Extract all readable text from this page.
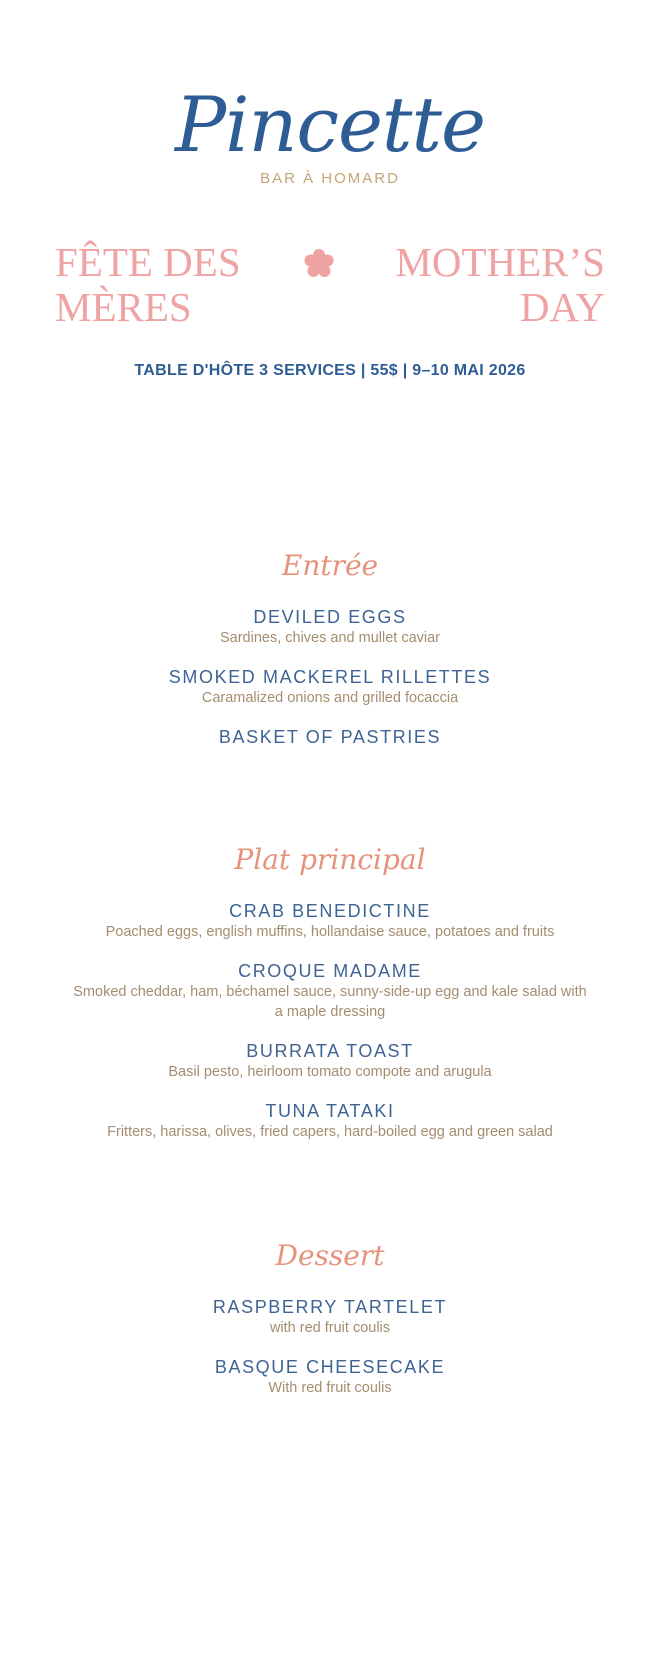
Pincette
BAR À HOMARD
FÊTE DES
MÈRES
MOTHER’S
DAY
TABLE D'HÔTE 3 SERVICES | 55$ | 9–10 MAI 2026
Entrée
DEVILED EGGS
Sardines, chives and mullet caviar
SMOKED MACKEREL RILLETTES
Caramalized onions and grilled focaccia
BASKET OF PASTRIES
Plat principal
CRAB BENEDICTINE
Poached eggs, english muffins, hollandaise sauce, potatoes and fruits
CROQUE MADAME
Smoked cheddar, ham, béchamel sauce, sunny-side-up egg and kale salad with a maple dressing
BURRATA TOAST
Basil pesto, heirloom tomato compote and arugula
TUNA TATAKI
Fritters, harissa, olives, fried capers, hard-boiled egg and green salad
Dessert
RASPBERRY TARTELET
with red fruit coulis
BASQUE CHEESECAKE
With red fruit coulis
